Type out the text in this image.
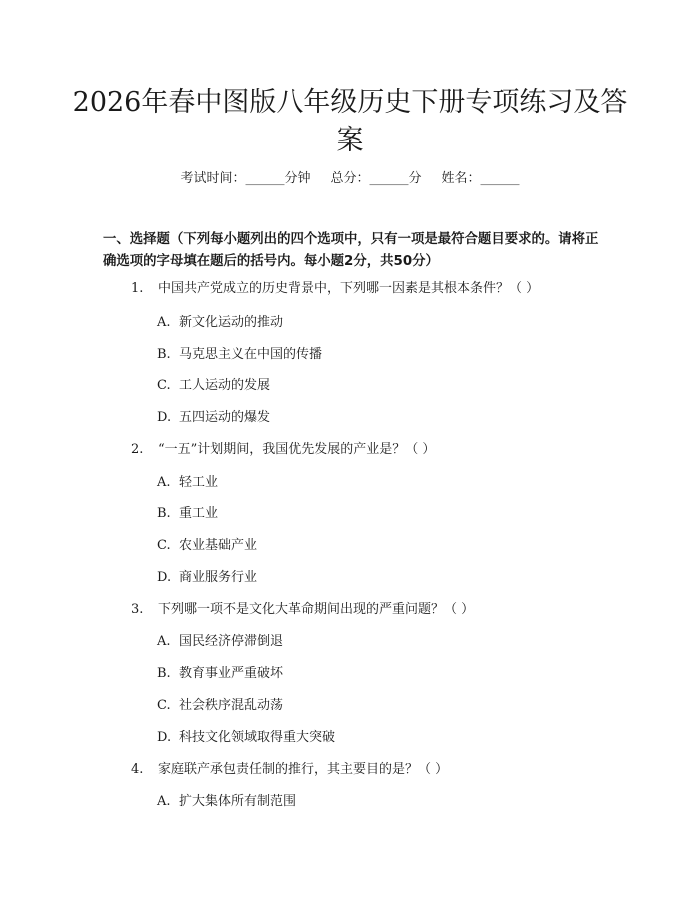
2026年春中图版八年级历史下册专项练习及答案
考试时间：______分钟 总分：______分 姓名：______

一、选择题（下列每小题列出的四个选项中，只有一项是最符合题目要求的。请将正确选项的字母填在题后的括号内。每小题2分，共50分）

1. 中国共产党成立的历史背景中，下列哪一因素是其根本条件？（ ）
A. 新文化运动的推动
B. 马克思主义在中国的传播
C. 工人运动的发展
D. 五四运动的爆发
2. “一五”计划期间，我国优先发展的产业是？（ ）
A. 轻工业
B. 重工业
C. 农业基础产业
D. 商业服务行业
3. 下列哪一项不是文化大革命期间出现的严重问题？（ ）
A. 国民经济停滞倒退
B. 教育事业严重破坏
C. 社会秩序混乱动荡
D. 科技文化领域取得重大突破
4. 家庭联产承包责任制的推行，其主要目的是？（ ）
A. 扩大集体所有制范围
